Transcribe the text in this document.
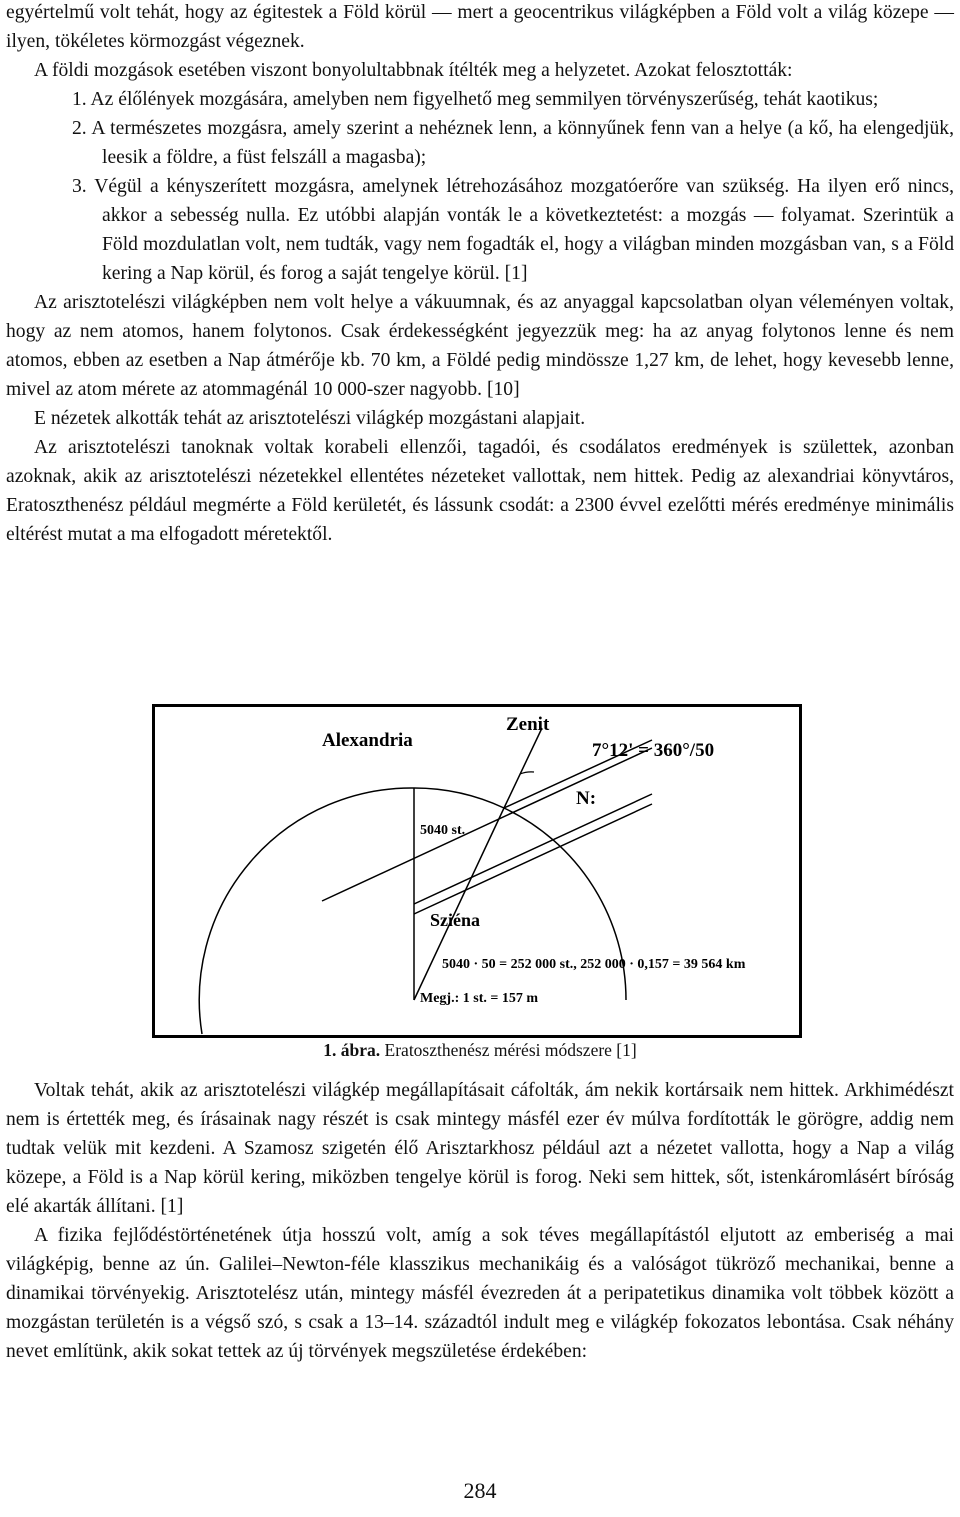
egyértelmű volt tehát, hogy az égitestek a Föld körül — mert a geocentrikus világképben a Föld volt a világ közepe — ilyen, tökéletes körmozgást végeznek.

A földi mozgások esetében viszont bonyolultabbnak ítélték meg a helyzetet. Azokat felosztották:

1. Az élőlények mozgására, amelyben nem figyelhető meg semmilyen törvényszerűség, tehát kaotikus;

2. A természetes mozgásra, amely szerint a nehéznek lenn, a könnyűnek fenn van a helye (a kő, ha elengedjük, leesik a földre, a füst felszáll a magasba);

3. Végül a kényszerített mozgásra, amelynek létrehozásához mozgatóerőre van szükség. Ha ilyen erő nincs, akkor a sebesség nulla. Ez utóbbi alapján vonták le a következtetést: a mozgás — folyamat. Szerintük a Föld mozdulatlan volt, nem tudták, vagy nem fogadták el, hogy a világban minden mozgásban van, s a Föld kering a Nap körül, és forog a saját tengelye körül. [1]

Az arisztotelészi világképben nem volt helye a vákuumnak, és az anyaggal kapcsolatban olyan véleményen voltak, hogy az nem atomos, hanem folytonos. Csak érdekességként jegyezzük meg: ha az anyag folytonos lenne és nem atomos, ebben az esetben a Nap átmérője kb. 70 km, a Földé pedig mindössze 1,27 km, de lehet, hogy kevesebb lenne, mivel az atom mérete az atommagénál 10 000-szer nagyobb. [10]

E nézetek alkották tehát az arisztotelészi világkép mozgástani alapjait.

Az arisztotelészi tanoknak voltak korabeli ellenzői, tagadói, és csodálatos eredmények is születtek, azonban azoknak, akik az arisztotelészi nézetekkel ellentétes nézeteket vallottak, nem hittek. Pedig az alexandriai könyvtáros, Eratoszthenész például megmérte a Föld kerületét, és lássunk csodát: a 2300 évvel ezelőtti mérés eredménye minimális eltérést mutat a ma elfogadott méretektől.

Alexandria
Zenit
7°12' = 360°/50
N:
5040 st.
Sziéna
5040 · 50 = 252 000 st., 252 000 · 0,157 = 39 564 km
Megj.: 1 st. = 157 m
1. ábra. Eratoszthenész mérési módszere [1]

Voltak tehát, akik az arisztotelészi világkép megállapításait cáfolták, ám nekik kortársaik nem hittek. Arkhimédészt nem is értették meg, és írásainak nagy részét is csak mintegy másfél ezer év múlva fordították le görögre, addig nem tudtak velük mit kezdeni. A Szamosz szigetén élő Arisztarkhosz például azt a nézetet vallotta, hogy a Nap a világ közepe, a Föld is a Nap körül kering, miközben tengelye körül is forog. Neki sem hittek, sőt, istenkáromlásért bíróság elé akarták állítani. [1]

A fizika fejlődéstörténetének útja hosszú volt, amíg a sok téves megállapítástól eljutott az emberiség a mai világképig, benne az ún. Galilei–Newton-féle klasszikus mechanikáig és a valóságot tükröző mechanikai, benne a dinamikai törvényekig. Arisztotelész után, mintegy másfél évezreden át a peripatetikus dinamika volt többek között a mozgástan területén is a végső szó, s csak a 13–14. századtól indult meg e világkép fokozatos lebontása. Csak néhány nevet említünk, akik sokat tettek az új törvények megszületése érdekében:

284
